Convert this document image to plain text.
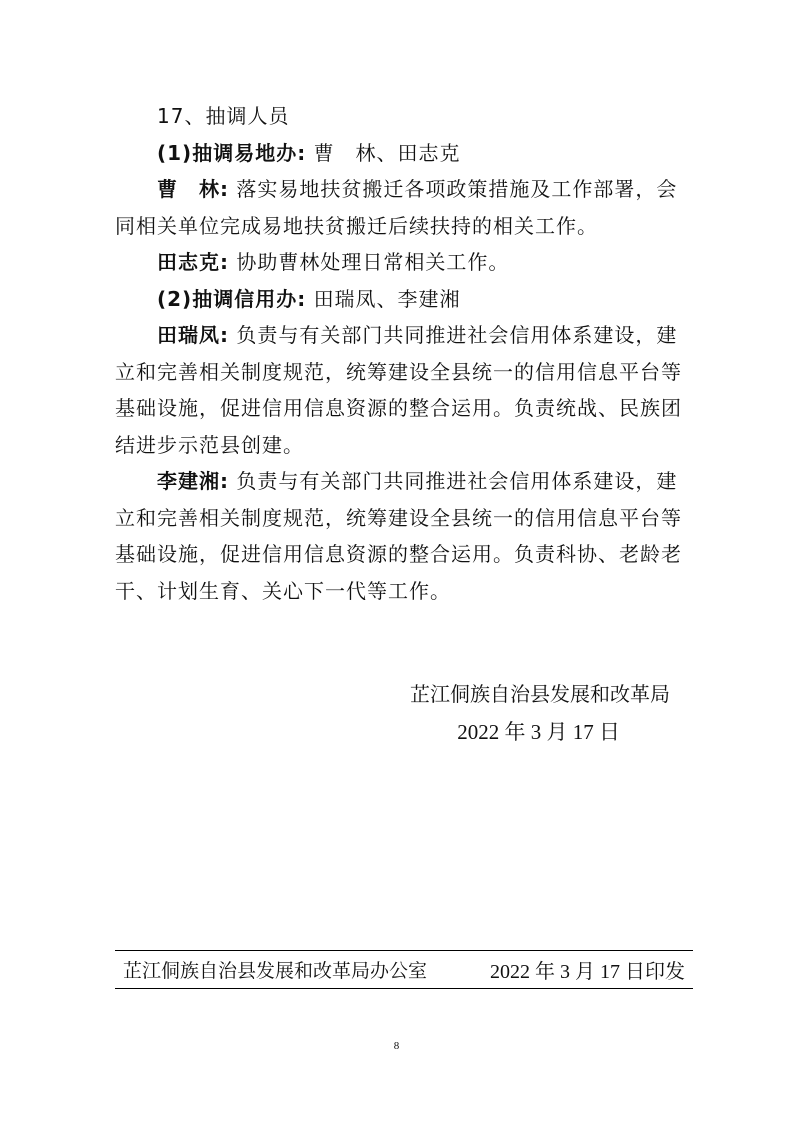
17、抽调人员
(1)抽调易地办: 曹　林、田志克
曹　林: 落实易地扶贫搬迁各项政策措施及工作部署，会
同相关单位完成易地扶贫搬迁后续扶持的相关工作。
田志克: 协助曹林处理日常相关工作。
(2)抽调信用办: 田瑞凤、李建湘
田瑞凤: 负责与有关部门共同推进社会信用体系建设，建
立和完善相关制度规范，统筹建设全县统一的信用信息平台等
基础设施，促进信用信息资源的整合运用。负责统战、民族团
结进步示范县创建。
李建湘: 负责与有关部门共同推进社会信用体系建设，建
立和完善相关制度规范，统筹建设全县统一的信用信息平台等
基础设施，促进信用信息资源的整合运用。负责科协、老龄老
干、计划生育、关心下一代等工作。
芷江侗族自治县发展和改革局
2022 年 3 月 17 日
芷江侗族自治县发展和改革局办公室	2022 年 3 月 17 日印发
8
